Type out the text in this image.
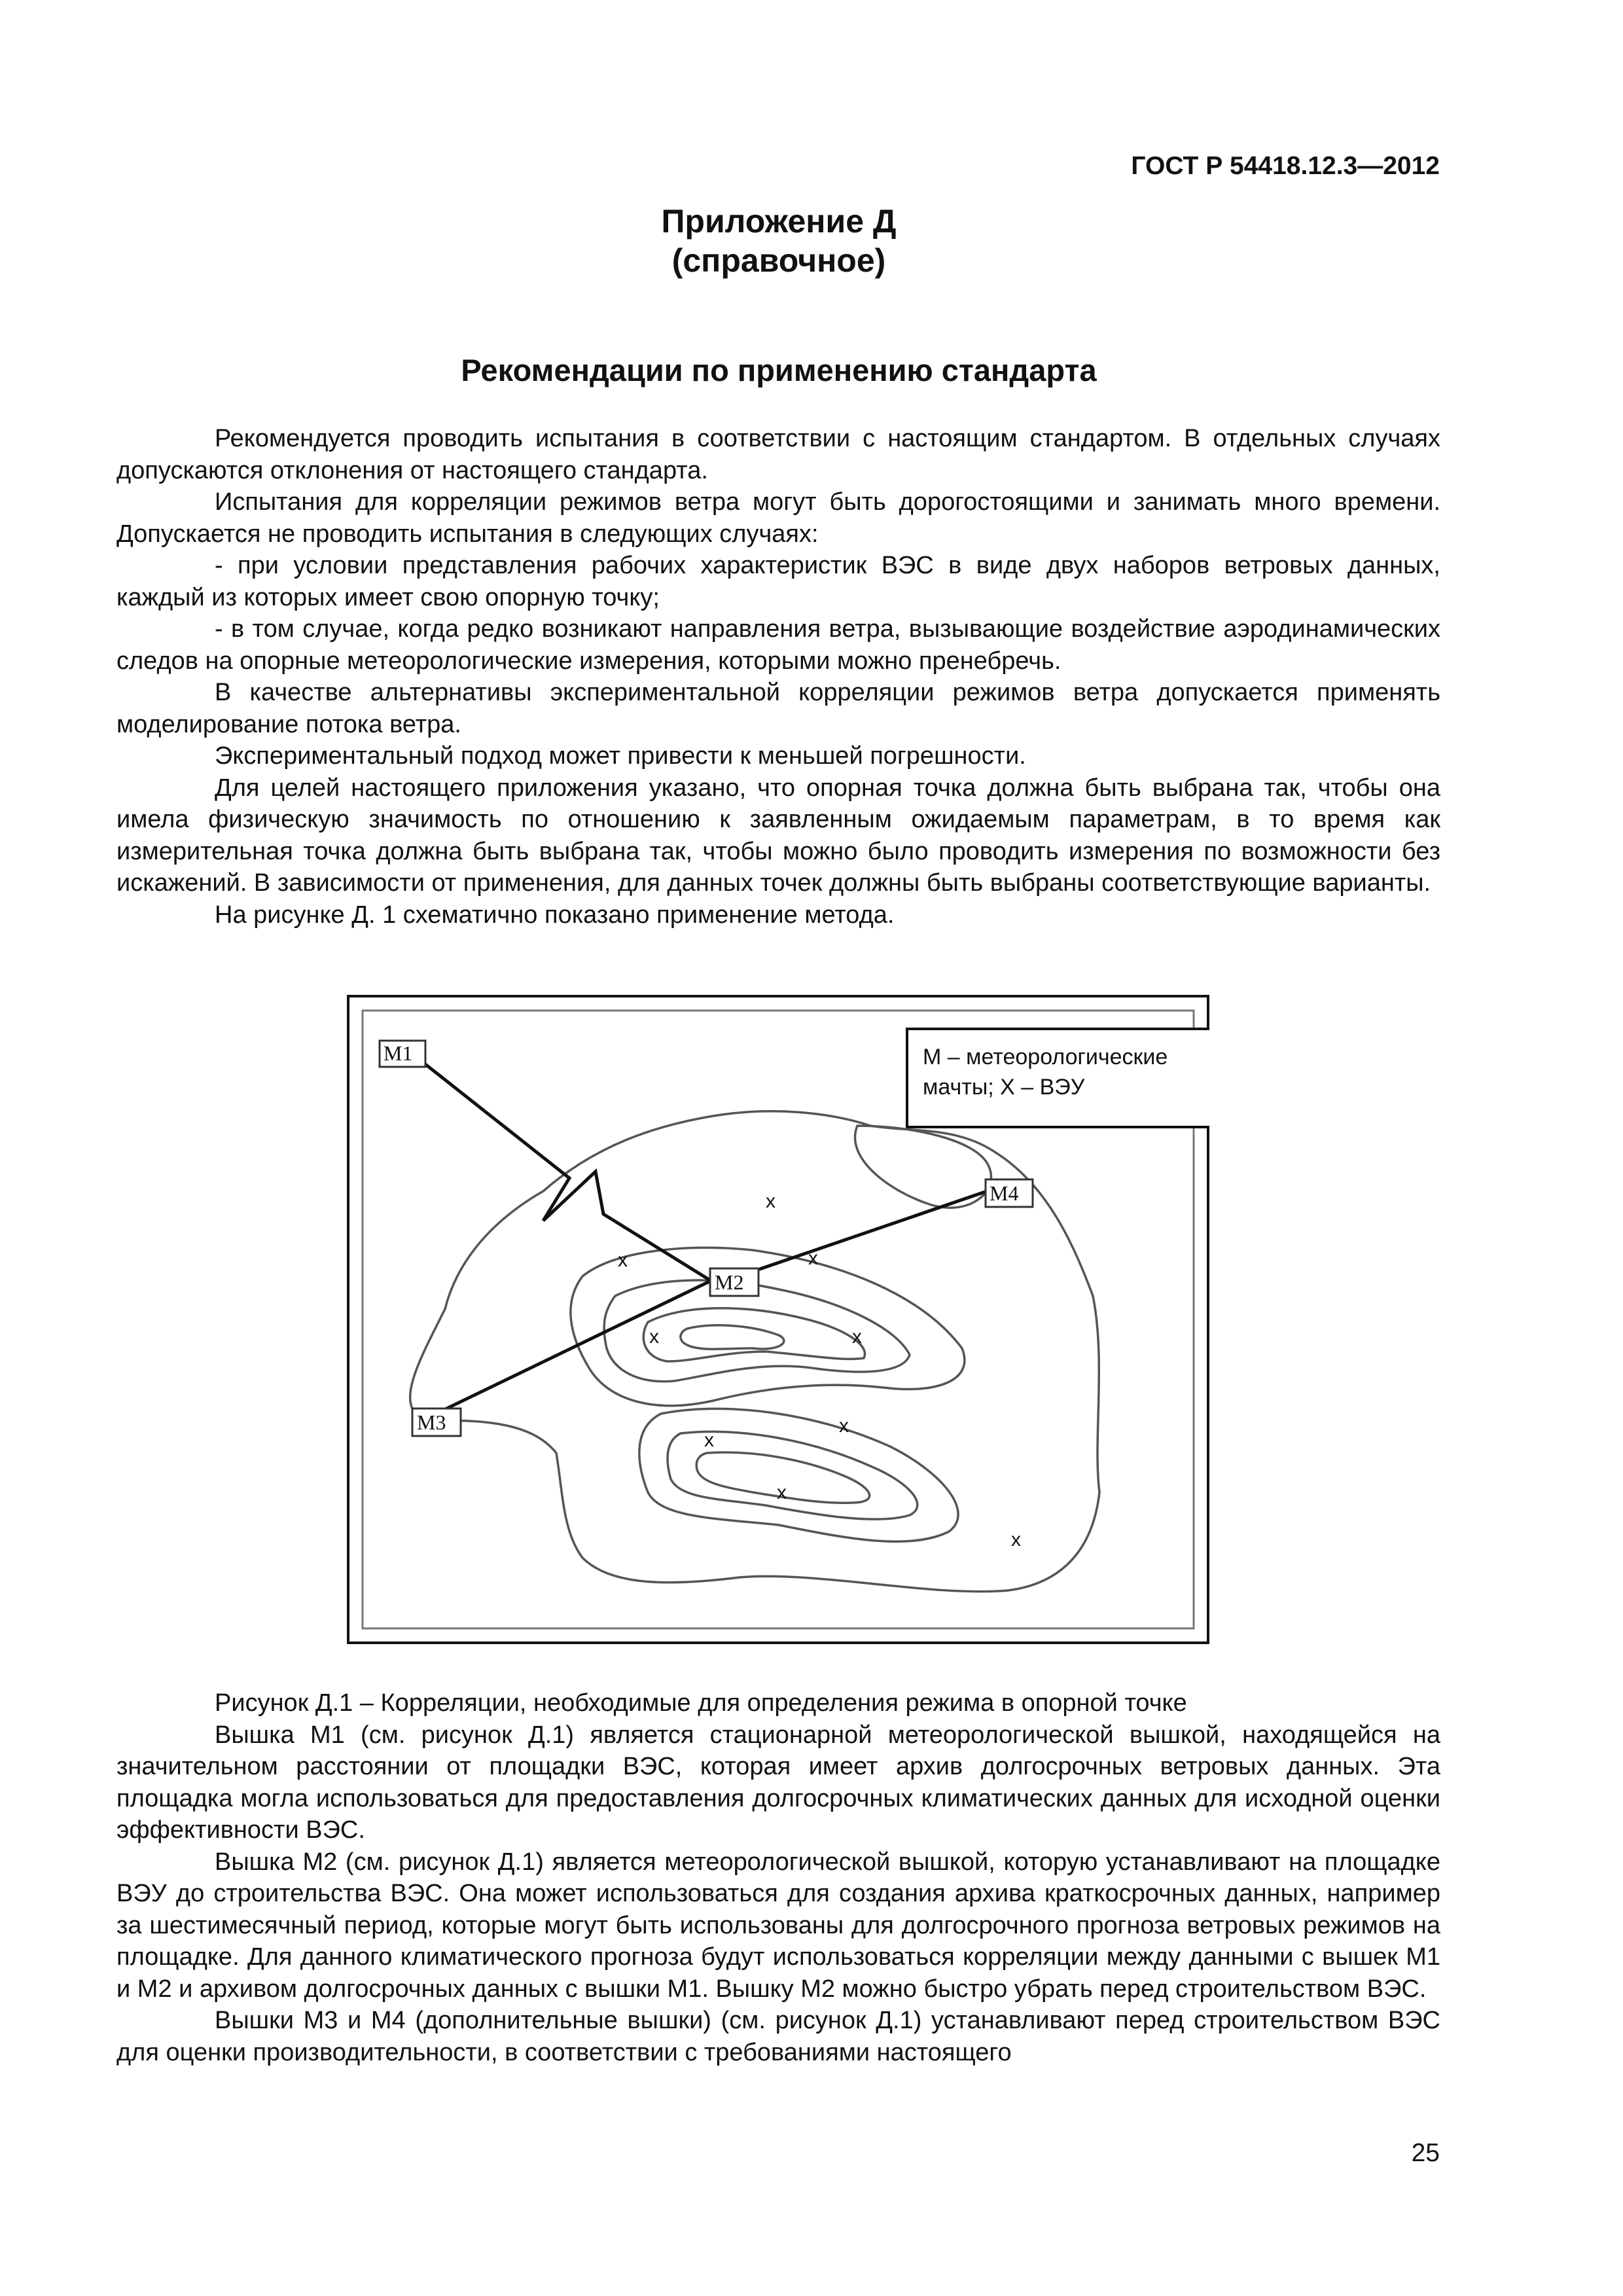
ГОСТ Р 54418.12.3—2012

Приложение Д
(справочное)
Рекомендации по применению стандарта

Рекомендуется проводить испытания в соответствии с настоящим стандартом. В отдельных случаях допускаются отклонения от настоящего стандарта.

Испытания для корреляции режимов ветра могут быть дорогостоящими и занимать много времени. Допускается не проводить испытания в следующих случаях:

- при условии представления рабочих характеристик ВЭС в виде двух наборов ветровых данных, каждый из которых имеет свою опорную точку;

- в том случае, когда редко возникают направления ветра, вызывающие воздействие аэродинамических следов на опорные метеорологические измерения, которыми можно пренебречь.

В качестве альтернативы экспериментальной корреляции режимов ветра допускается применять моделирование потока ветра.

Экспериментальный подход может привести к меньшей погрешности.

Для целей настоящего приложения указано, что опорная точка должна быть выбрана так, чтобы она имела физическую значимость по отношению к заявленным ожидаемым параметрам, в то время как измерительная точка должна быть выбрана так, чтобы можно было проводить измерения по возможности без искажений. В зависимости от применения, для данных точек должны быть выбраны соответствующие варианты.

На рисунке Д. 1 схематично показано применение метода.

M1
M2
M3
M4
x
x	x
x	x
x
x
x
x
М – метеорологические
мачты; Х – ВЭУ

Рисунок Д.1 – Корреляции, необходимые для определения режима в опорной точке

Вышка М1 (см. рисунок Д.1) является стационарной метеорологической вышкой, находящейся на значительном расстоянии от площадки ВЭС, которая имеет архив долгосрочных ветровых данных. Эта площадка могла использоваться для предоставления долгосрочных климатических данных для исходной оценки эффективности ВЭС.

Вышка М2 (см. рисунок Д.1) является метеорологической вышкой, которую устанавливают на площадке ВЭУ до строительства ВЭС. Она может использоваться для создания архива краткосрочных данных, например за шестимесячный период, которые могут быть использованы для долгосрочного прогноза ветровых режимов на площадке. Для данного климатического прогноза будут использоваться корреляции между данными с вышек М1 и М2 и архивом долгосрочных данных с вышки М1. Вышку М2 можно быстро убрать перед строительством ВЭС.

Вышки М3 и М4 (дополнительные вышки) (см. рисунок Д.1) устанавливают перед строительством ВЭС для оценки производительности, в соответствии с требованиями настоящего

25
